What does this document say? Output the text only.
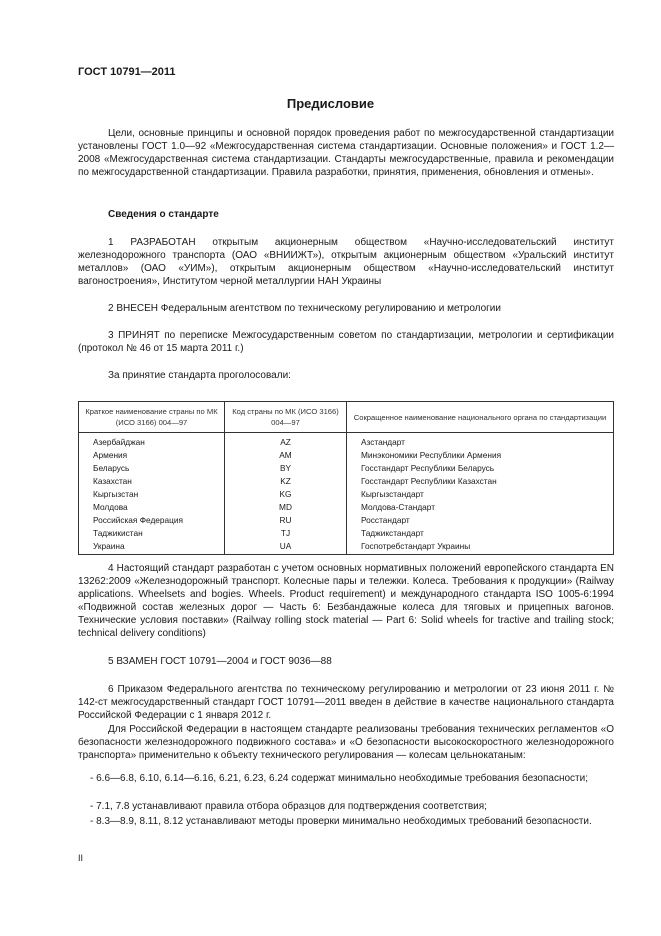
ГОСТ 10791—2011
Предисловие

Цели, основные принципы и основной порядок проведения работ по межгосударственной стандартизации установлены ГОСТ 1.0—92 «Межгосударственная система стандартизации. Основные положения» и ГОСТ 1.2—2008 «Межгосударственная система стандартизации. Стандарты межгосударственные, правила и рекомендации по межгосударственной стандартизации. Правила разработки, принятия, применения, обновления и отмены».

Сведения о стандарте

1 РАЗРАБОТАН открытым акционерным обществом «Научно-исследовательский институт железнодорожного транспорта (ОАО «ВНИИЖТ»), открытым акционерным обществом «Уральский институт металлов» (ОАО «УИМ»), открытым акционерным обществом «Научно-исследовательский институт вагоностроения», Институтом черной металлургии НАН Украины

2 ВНЕСЕН Федеральным агентством по техническому регулированию и метрологии

3 ПРИНЯТ по переписке Межгосударственным советом по стандартизации, метрологии и сертификации (протокол № 46 от 15 марта 2011 г.)

За принятие стандарта проголосовали:
Краткое наименование страны по МК (ИСО 3166) 004—97	Код страны по МК (ИСО 3166) 004—97	Сокращенное наименование национального органа по стандартизации
Азербайджан	AZ	Азстандарт
Армения	AM	Минэкономики Республики Армения
Беларусь	BY	Госстандарт Республики Беларусь
Казахстан	KZ	Госстандарт Республики Казахстан
Кыргызстан	KG	Кыргызстандарт
Молдова	MD	Молдова-Стандарт
Российская Федерация	RU	Росстандарт
Таджикистан	TJ	Таджикстандарт
Украина	UA	Госпотребстандарт Украины

4 Настоящий стандарт разработан с учетом основных нормативных положений европейского стандарта EN 13262:2009 «Железнодорожный транспорт. Колесные пары и тележки. Колеса. Требования к продукции» (Railway applications. Wheelsets and bogies. Wheels. Product requirement) и международного стандарта ISO 1005-6:1994 «Подвижной состав железных дорог — Часть 6: Безбандажные колеса для тяговых и прицепных вагонов. Технические условия поставки» (Railway rolling stock material — Part 6: Solid wheels for tractive and trailing stock; technical delivery conditions)

5 ВЗАМЕН ГОСТ 10791—2004 и ГОСТ 9036—88

6 Приказом Федерального агентства по техническому регулированию и метрологии от 23 июня 2011 г. № 142-ст межгосударственный стандарт ГОСТ 10791—2011 введен в действие в качестве национального стандарта Российской Федерации с 1 января 2012 г.

Для Российской Федерации в настоящем стандарте реализованы требования технических регламентов «О безопасности железнодорожного подвижного состава» и «О безопасности высокоскоростного железнодорожного транспорта» применительно к объекту технического регулирования — колесам цельнокатаным:

- 6.6—6.8, 6.10, 6.14—6.16, 6.21, 6.23, 6.24 содержат минимально необходимые требования безопасности;

- 7.1, 7.8 устанавливают правила отбора образцов для подтверждения соответствия;

- 8.3—8.9, 8.11, 8.12 устанавливают методы проверки минимально необходимых требований безопасности.

II
